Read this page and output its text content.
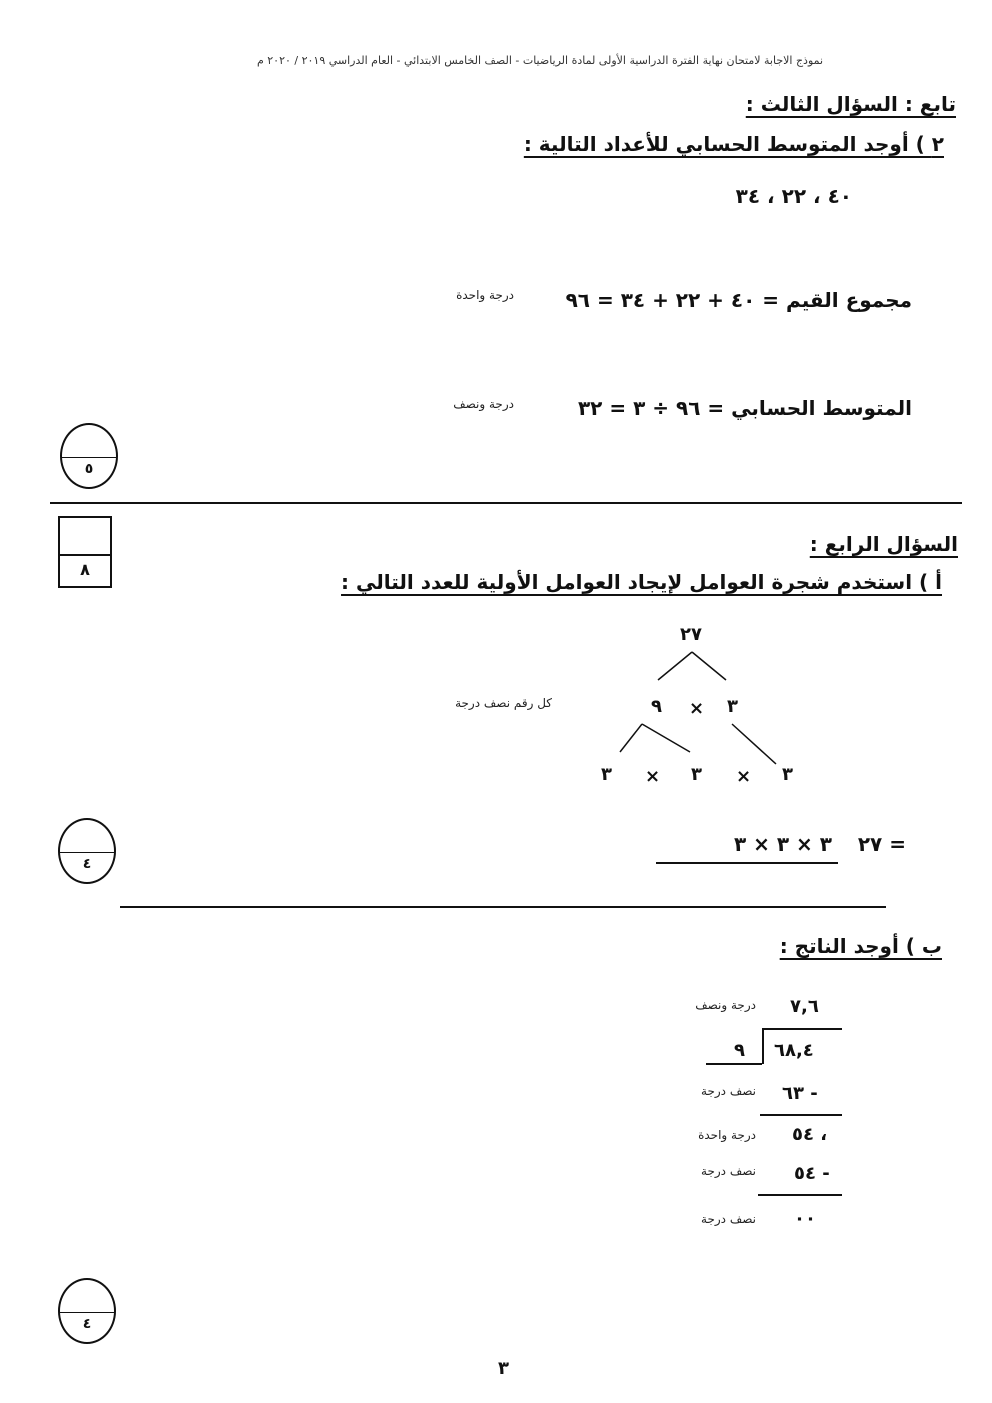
نموذج الاجابة لامتحان نهاية الفترة الدراسية الأولى لمادة الرياضيات - الصف الخامس الابتدائي - العام الدراسي ٢٠١٩ / ٢٠٢٠ م
تابع : السؤال الثالث :
٢ ) أوجد المتوسط الحسابي للأعداد التالية :
٤٠ ، ٢٢ ، ٣٤
مجموع القيم = ٤٠ + ٢٢ + ٣٤ = ٩٦
درجة واحدة
المتوسط الحسابي = ٩٦ ÷ ٣ = ٣٢
درجة ونصف
٥
٨
السؤال الرابع :
أ ) استخدم شجرة العوامل لإيجاد العوامل الأولية للعدد التالي :
٢٧
٩ × ٣
كل رقم نصف درجة
٣ × ٣ × ٣
٢٧ =
٣ × ٣ × ٣
٤
ب ) أوجد الناتج :
٧,٦
درجة ونصف
٦٨,٤
٩
٦٣ -
نصف درجة
٥٤ ،
درجة واحدة
٥٤ -
نصف درجة
٠٠
نصف درجة
٤
٣
